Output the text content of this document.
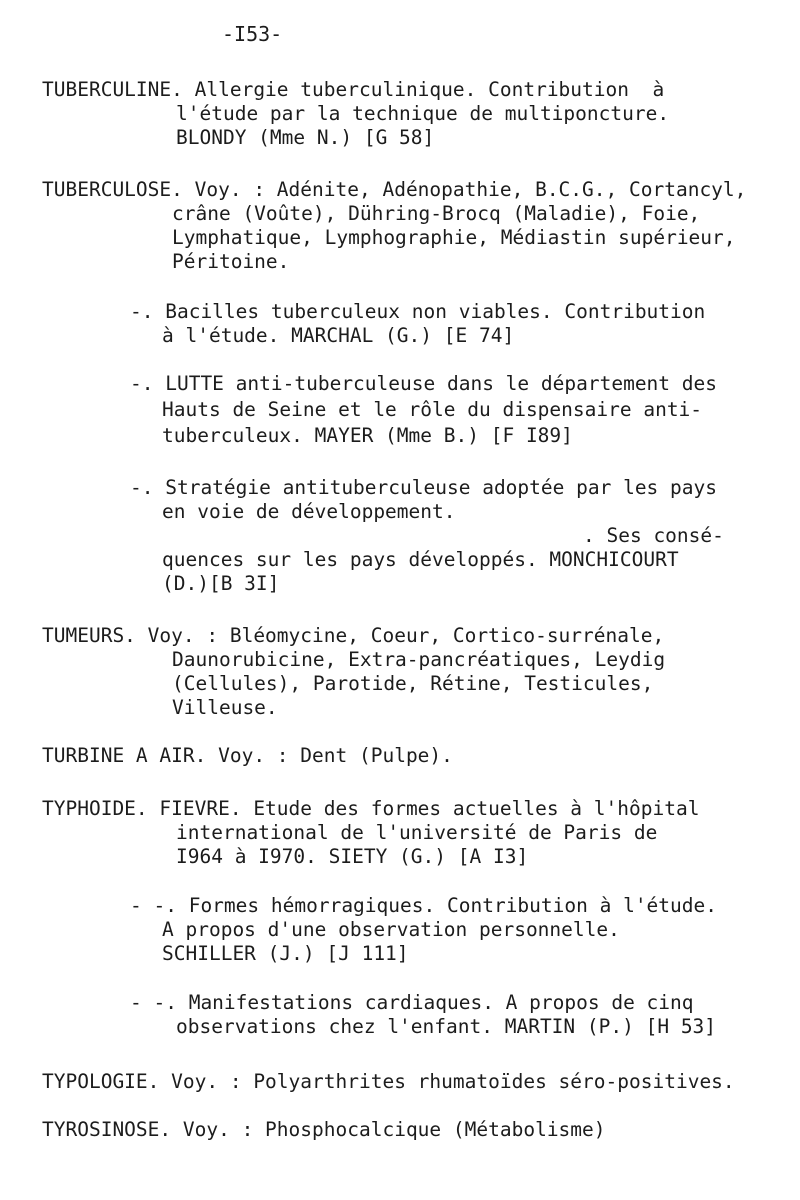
-I53-
TUBERCULINE. Allergie tuberculinique. Contribution  à
l'étude par la technique de multiponcture.
BLONDY (Mme N.) [G 58]
TUBERCULOSE. Voy. : Adénite, Adénopathie, B.C.G., Cortancyl,
crâne (Voûte), Dühring-Brocq (Maladie), Foie,
Lymphatique, Lymphographie, Médiastin supérieur,
Péritoine.
-. Bacilles tuberculeux non viables. Contribution
à l'étude. MARCHAL (G.) [E 74]
-. LUTTE anti-tuberculeuse dans le département des
Hauts de Seine et le rôle du dispensaire anti-
tuberculeux. MAYER (Mme B.) [F I89]
-. Stratégie antituberculeuse adoptée par les pays
en voie de développement.
. Ses consé-
quences sur les pays développés. MONCHICOURT
(D.)[B 3I]
TUMEURS. Voy. : Bléomycine, Coeur, Cortico-surrénale,
Daunorubicine, Extra-pancréatiques, Leydig
(Cellules), Parotide, Rétine, Testicules,
Villeuse.
TURBINE A AIR. Voy. : Dent (Pulpe).
TYPHOIDE. FIEVRE. Etude des formes actuelles à l'hôpital
international de l'université de Paris de
I964 à I970. SIETY (G.) [A I3]
- -. Formes hémorragiques. Contribution à l'étude.
A propos d'une observation personnelle.
SCHILLER (J.) [J 111]
- -. Manifestations cardiaques. A propos de cinq
observations chez l'enfant. MARTIN (P.) [H 53]
TYPOLOGIE. Voy. : Polyarthrites rhumatoïdes séro-positives.
TYROSINOSE. Voy. : Phosphocalcique (Métabolisme)
